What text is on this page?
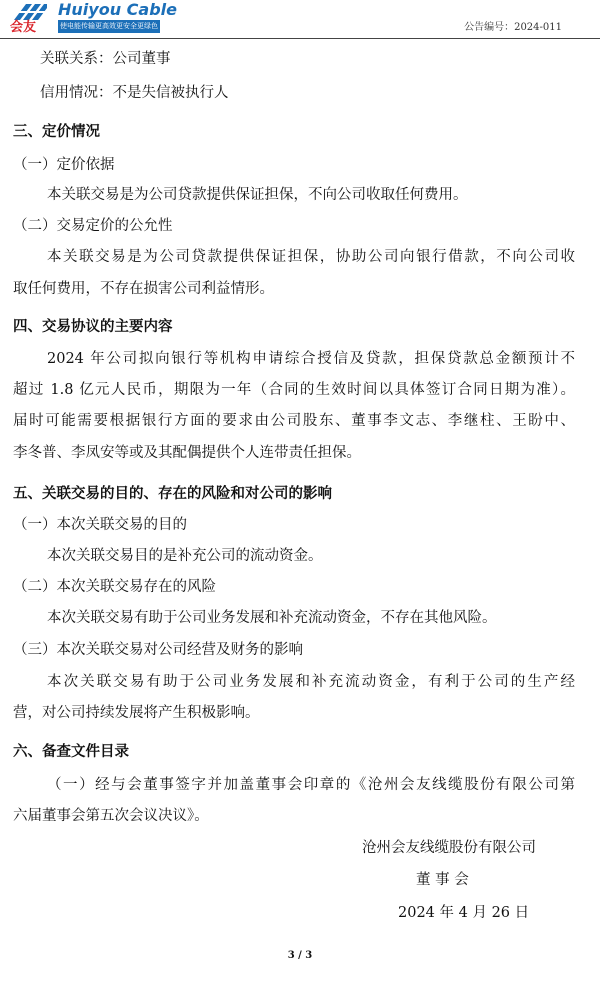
会友
Huiyou Cable
使电能传输更高效更安全更绿色	公告编号：2024-011
关联关系：公司董事
信用情况：不是失信被执行人
三、定价情况
（一）定价依据
本关联交易是为公司贷款提供保证担保，不向公司收取任何费用。
（二）交易定价的公允性
本关联交易是为公司贷款提供保证担保，协助公司向银行借款，不向公司收
取任何费用，不存在损害公司利益情形。
四、交易协议的主要内容
2024 年公司拟向银行等机构申请综合授信及贷款，担保贷款总金额预计不
超过 1.8 亿元人民币，期限为一年（合同的生效时间以具体签订合同日期为准）。
届时可能需要根据银行方面的要求由公司股东、董事李文志、李继柱、王盼中、
李冬普、李凤安等或及其配偶提供个人连带责任担保。
五、关联交易的目的、存在的风险和对公司的影响
（一）本次关联交易的目的
本次关联交易目的是补充公司的流动资金。
（二）本次关联交易存在的风险
本次关联交易有助于公司业务发展和补充流动资金，不存在其他风险。
（三）本次关联交易对公司经营及财务的影响
本次关联交易有助于公司业务发展和补充流动资金，有利于公司的生产经
营，对公司持续发展将产生积极影响。
六、备查文件目录
（一）经与会董事签字并加盖董事会印章的《沧州会友线缆股份有限公司第
六届董事会第五次会议决议》。
沧州会友线缆股份有限公司
董 事 会
2024 年 4 月 26 日
3 / 3
